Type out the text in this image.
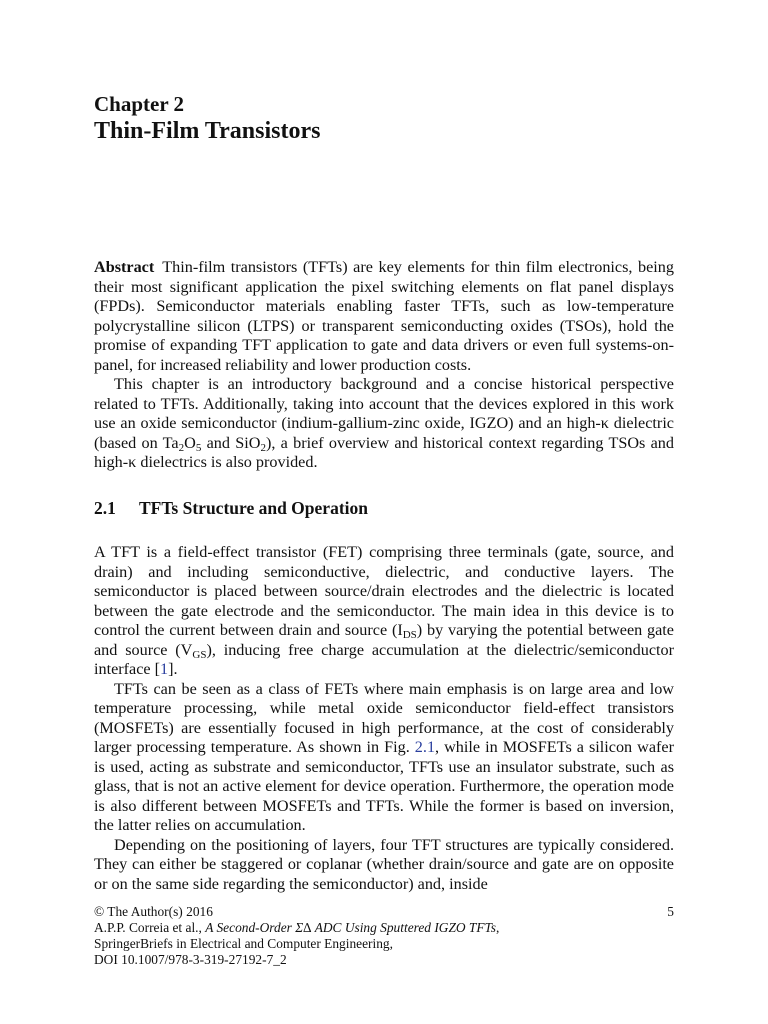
Chapter 2
Thin-Film Transistors

Abstract Thin-film transistors (TFTs) are key elements for thin film electronics, being their most significant application the pixel switching elements on flat panel displays (FPDs). Semiconductor materials enabling faster TFTs, such as low-temperature polycrystalline silicon (LTPS) or transparent semiconducting oxides (TSOs), hold the promise of expanding TFT application to gate and data drivers or even full systems-on-panel, for increased reliability and lower production costs.

This chapter is an introductory background and a concise historical perspective related to TFTs. Additionally, taking into account that the devices explored in this work use an oxide semiconductor (indium-gallium-zinc oxide, IGZO) and an high-κ dielectric (based on $Ta_2O_5$ and SiO$_2$), a brief overview and historical context regarding TSOs and high-κ dielectrics is also provided.

2.1 TFTs Structure and Operation

A TFT is a field-effect transistor (FET) comprising three terminals (gate, source, and drain) and including semiconductive, dielectric, and conductive layers. The semiconductor is placed between source/drain electrodes and the dielectric is located between the gate electrode and the semiconductor. The main idea in this device is to control the current between drain and source $(I_{DS})$ by varying the potential between gate and source $(V_{GS})$, inducing free charge accumulation at the dielectric/semiconductor interface [1].

TFTs can be seen as a class of FETs where main emphasis is on large area and low temperature processing, while metal oxide semiconductor field-effect transistors (MOSFETs) are essentially focused in high performance, at the cost of considerably larger processing temperature. As shown in Fig. 2.1, while in MOSFETs a silicon wafer is used, acting as substrate and semiconductor, TFTs use an insulator substrate, such as glass, that is not an active element for device operation. Furthermore, the operation mode is also different between MOSFETs and TFTs. While the former is based on inversion, the latter relies on accumulation.

Depending on the positioning of layers, four TFT structures are typically considered. They can either be staggered or coplanar (whether drain/source and gate are on opposite or on the same side regarding the semiconductor) and, inside

© The Author(s) 2016	5
A.P.P. Correia et al., A Second-Order Σ∆ ADC Using Sputtered IGZO TFTs,
SpringerBriefs in Electrical and Computer Engineering,
DOI 10.1007/978-3-319-27192-7_2
